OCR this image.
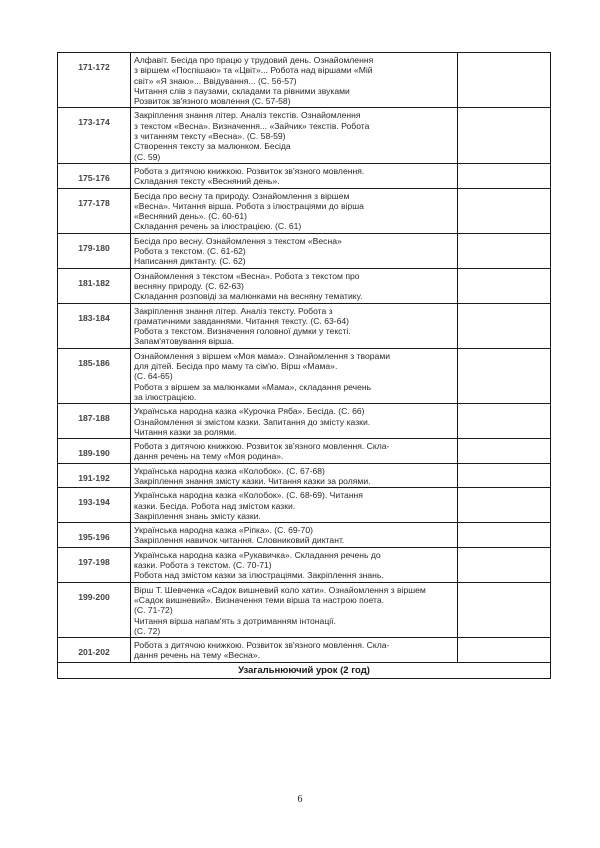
171-172	Алфавіт. Бесіда про працю у трудовий день. Ознайомлення
з віршем «Поспішаю» та «Цвіт»... Робота над віршами «Мій
світ» «Я знаю»... Ввідування... (С. 56-57)
Читання слів з паузами, складами та рівними звуками
Розвиток зв'язного мовлення (С. 57-58)	

173-174	Закріплення знання літер. Аналіз текстів. Ознайомлення
з текстом «Весна». Визначення... «Зайчик» текстів. Робота
з читанням тексту «Весна». (С. 58-59)
Створення тексту за малюнком. Бесіда
(С. 59)	

175-176	Робота з дитячою книжкою. Розвиток зв'язного мовлення.
Складання тексту «Весняний день».	

177-178	Бесіда про весну та природу. Ознайомлення з віршем
«Весна». Читання вірша. Робота з ілюстраціями до вірша
«Весняний день». (С. 60-61)
Складання речень за ілюстрацією. (С. 61)	

179-180	Бесіда про весну. Ознайомлення з текстом «Весна»
Робота з текстом. (С. 61-62)
Написання диктанту. (С. 62)	

181-182	Ознайомлення з текстом «Весна». Робота з текстом про
весняну природу. (С. 62-63)
Складання розповіді за малюнками на весняну тематику.	

183-184	Закріплення знання літер. Аналіз тексту. Робота з
граматичними завданнями. Читання тексту. (С. 63-64)
Робота з текстом. Визначення головної думки у тексті.
Запам'ятовування вірша.	

185-186	Ознайомлення з віршем «Моя мама». Ознайомлення з творами
для дітей. Бесіда про маму та сім'ю. Вірш «Мама».
(С. 64-65)
Робота з віршем за малюнками «Мама», складання речень
за ілюстрацією.	

187-188	Українська народна казка «Курочка Ряба». Бесіда. (С. 66)
Ознайомлення зі змістом казки. Запитання до змісту казки.
Читання казки за ролями.	

189-190	Робота з дитячою книжкою. Розвиток зв'язного мовлення. Скла-
дання речень на тему «Моя родина».	

191-192	Українська народна казка «Колобок». (С. 67-68)
Закріплення знання змісту казки. Читання казки за ролями.	

193-194	Українська народна казка «Колобок». (С. 68-69). Читання
казки. Бесіда. Робота над змістом казки.
Закріплення знань змісту казки.	

195-196	Українська народна казка «Ріпка». (С. 69-70)
Закріплення навичок читання. Словниковий диктант.	

197-198	Українська народна казка «Рукавичка». Складання речень до
казки. Робота з текстом. (С. 70-71)
Робота над змістом казки за ілюстраціями. Закріплення знань.	

199-200	Вірш Т. Шевченка «Садок вишневий коло хати». Ознайомлення з віршем
«Садок вишневий». Визначення теми вірша та настрою поета.
(С. 71-72)
Читання вірша напам'ять з дотриманням інтонації.
(С. 72)	

201-202	Робота з дитячою книжкою. Розвиток зв'язного мовлення. Скла-
дання речень на тему «Весна».	

Узагальнюючий урок (2 год)		
6
